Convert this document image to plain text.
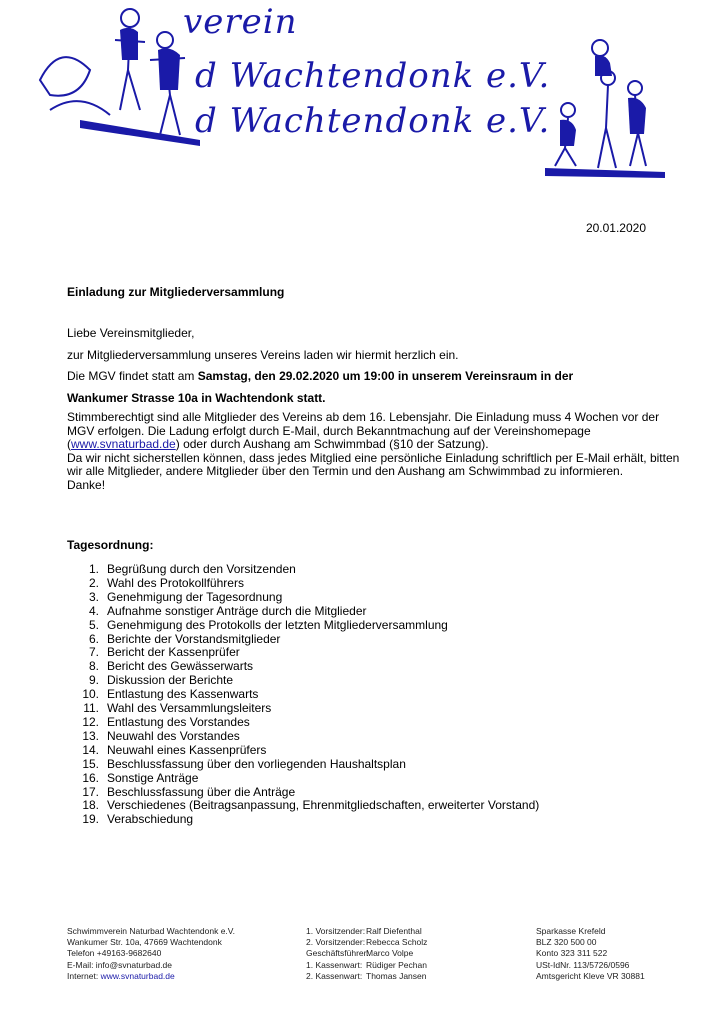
verein
d Wachtendonk e.V.
d Wachtendonk e.V.
20.01.2020
Einladung zur Mitgliederversammlung
Liebe Vereinsmitglieder,
zur Mitgliederversammlung unseres Vereins laden wir hiermit herzlich ein.
Die MGV findet statt am Samstag, den 29.02.2020 um 19:00 in unserem Vereinsraum in der
Wankumer Strasse 10a in Wachtendonk statt.
Stimmberechtigt sind alle Mitglieder des Vereins ab dem 16. Lebensjahr. Die Einladung muss 4 Wochen vor der
MGV erfolgen. Die Ladung erfolgt durch E-Mail, durch Bekanntmachung auf der Vereinshomepage
(www.svnaturbad.de) oder durch Aushang am Schwimmbad (§10 der Satzung).
Da wir nicht sicherstellen können, dass jedes Mitglied eine persönliche Einladung schriftlich per E-Mail erhält, bitten
wir alle Mitglieder, andere Mitglieder über den Termin und den Aushang am Schwimmbad zu informieren.
Danke!
Tagesordnung:
1. Begrüßung durch den Vorsitzenden
2. Wahl des Protokollführers
3. Genehmigung der Tagesordnung
4. Aufnahme sonstiger Anträge durch die Mitglieder
5. Genehmigung des Protokolls der letzten Mitgliederversammlung
6. Berichte der Vorstandsmitglieder
7. Bericht der Kassenprüfer
8. Bericht des Gewässerwarts
9. Diskussion der Berichte
10. Entlastung des Kassenwarts
11. Wahl des Versammlungsleiters
12. Entlastung des Vorstandes
13. Neuwahl des Vorstandes
14. Neuwahl eines Kassenprüfers
15. Beschlussfassung über den vorliegenden Haushaltsplan
16. Sonstige Anträge
17. Beschlussfassung über die Anträge
18. Verschiedenes (Beitragsanpassung, Ehrenmitgliedschaften, erweiterter Vorstand)
19. Verabschiedung
Schwimmverein Naturbad Wachtendonk e.V.
Wankumer Str. 10a, 47669 Wachtendonk
Telefon +49163-9682640
E-Mail: info@svnaturbad.de
Internet: www.svnaturbad.de
1. Vorsitzender:Ralf Diefenthal
2. Vorsitzender:Rebecca Scholz
Geschäftsführer:Marco Volpe
1. Kassenwart: Rüdiger Pechan
2. Kassenwart: Thomas Jansen
Sparkasse Krefeld
BLZ 320 500 00
Konto 323 311 522
USt-IdNr. 113/5726/0596
Amtsgericht Kleve VR 30881
